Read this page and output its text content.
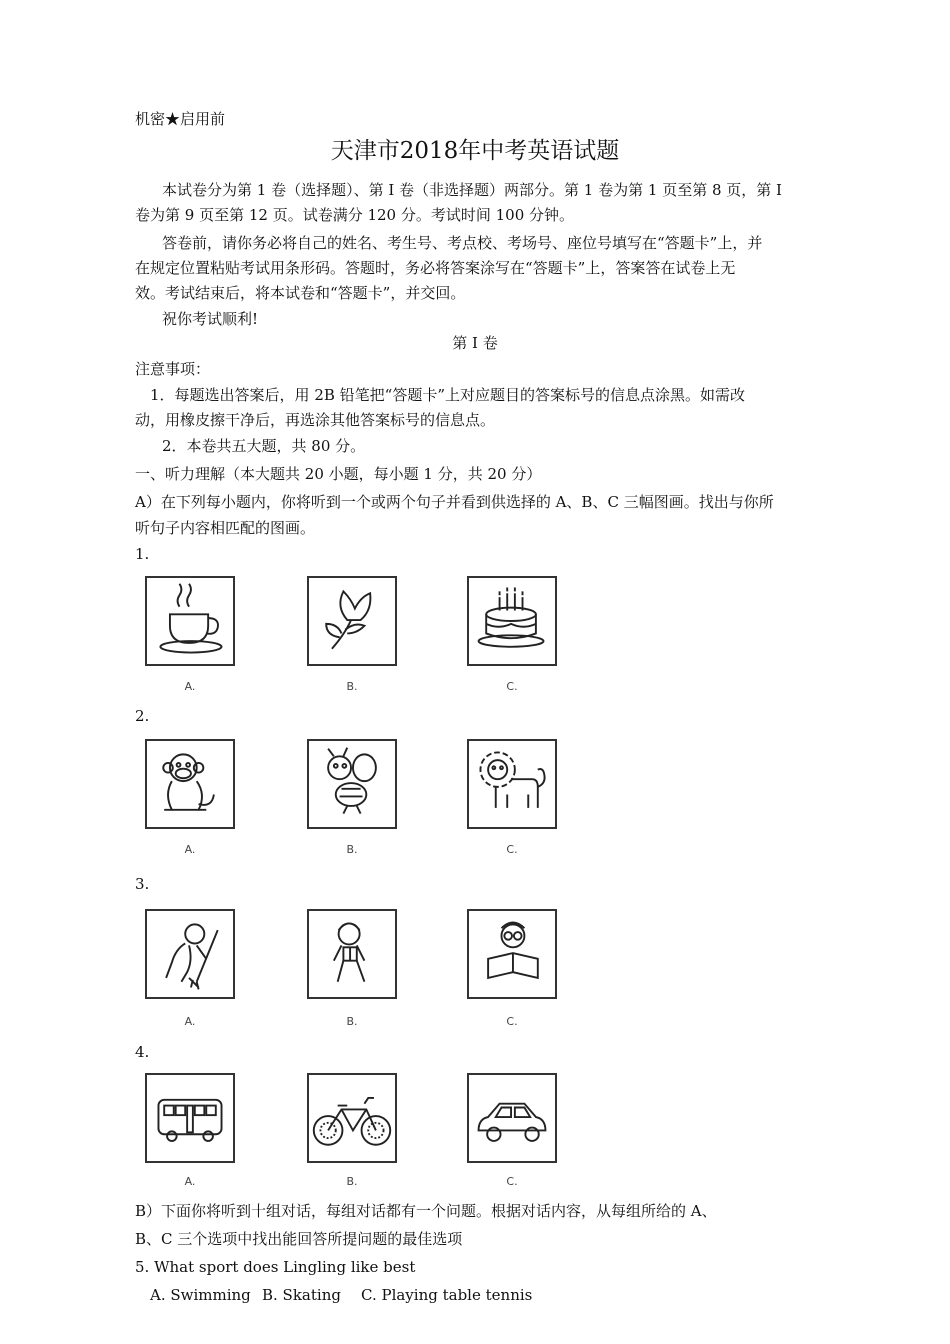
机密★启用前
天津市2018年中考英语试题
本试卷分为第 1 卷（选择题）、第 I 卷（非选择题）两部分。第 1 卷为第 1 页至第 8 页，第 I
卷为第 9 页至第 12 页。试卷满分 120 分。考试时间 100 分钟。
答卷前，请你务必将自己的姓名、考生号、考点校、考场号、座位号填写在“答题卡”上，并
在规定位置粘贴考试用条形码。答题时，务必将答案涂写在“答题卡”上，答案答在试卷上无
效。考试结束后，将本试卷和“答题卡”，并交回。
祝你考试顺利!
第 I 卷
注意事项：
1．每题选出答案后，用 2B 铅笔把“答题卡”上对应题目的答案标号的信息点涂黑。如需改
动，用橡皮擦干净后，再选涂其他答案标号的信息点。
2．本卷共五大题，共 80 分。
一、听力理解（本大题共 20 小题，每小题 1 分，共 20 分）
A）在下列每小题内，你将听到一个或两个句子并看到供选择的 A、B、C 三幅图画。找出与你所
听句子内容相匹配的图画。
1.
A.	B.	C.
2.
A.	B.	C.
3.
A.	B.	C.
4.
A.	B.	C.
B）下面你将听到十组对话，每组对话都有一个问题。根据对话内容，从每组所给的 A、
B、C 三个选项中找出能回答所提问题的最佳选项
5. What sport does Lingling like best
A. Swimming B. Skating C. Playing table tennis
